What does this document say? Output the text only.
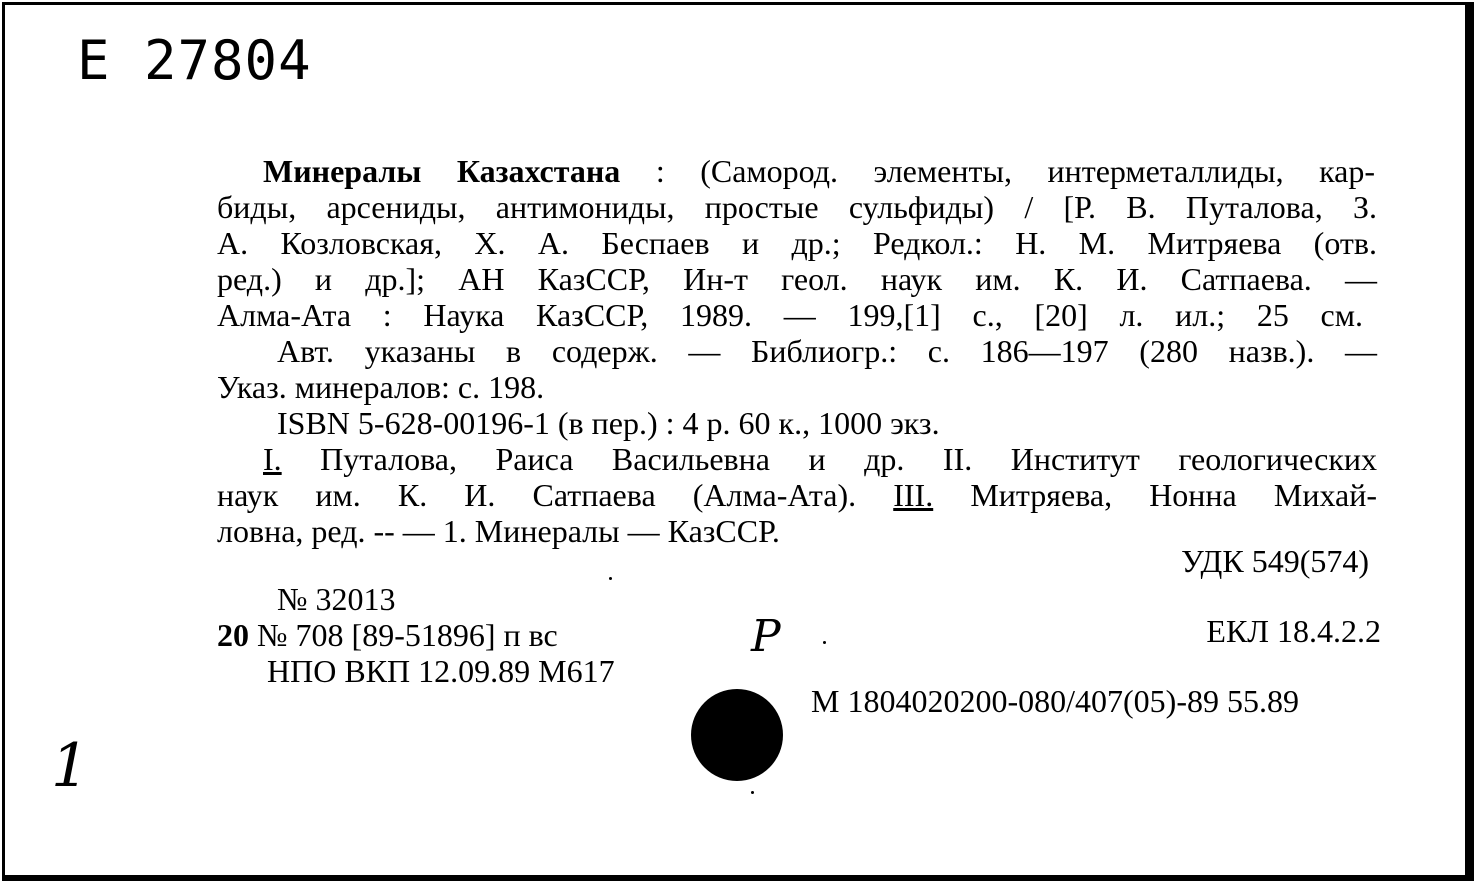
Е 27804
Минералы Казахстана : (Самород. элементы, интерметаллиды, кар-
биды, арсениды, антимониды, простые сульфиды) / [Р. В. Путалова, З.
А. Козловская, Х. А. Беспаев и др.; Редкол.: Н. М. Митряева (отв.
ред.) и др.]; АН КазССР, Ин-т геол. наук им. К. И. Сатпаева. —
Алма-Ата : Наука КазССР, 1989. — 199,[1] с., [20] л. ил.; 25 см.
Авт. указаны в содерж. — Библиогр.: с. 186—197 (280 назв.). —
Указ. минералов: с. 198.
ISBN 5-628-00196-1 (в пер.) : 4 р. 60 к., 1000 экз.
I. Путалова, Раиса Васильевна и др. II. Институт геологических
наук им. К. И. Сатпаева (Алма-Ата). III. Митряева, Нонна Михай-
ловна, ред. -- — 1. Минералы — КазССР.
УДК 549(574)
№ 32013
20 № 708 [89-51896] п вс
НПО ВКП 12.09.89 М617
ЕКЛ 18.4.2.2
М 1804020200-080/407(05)-89 55.89
Р
1
